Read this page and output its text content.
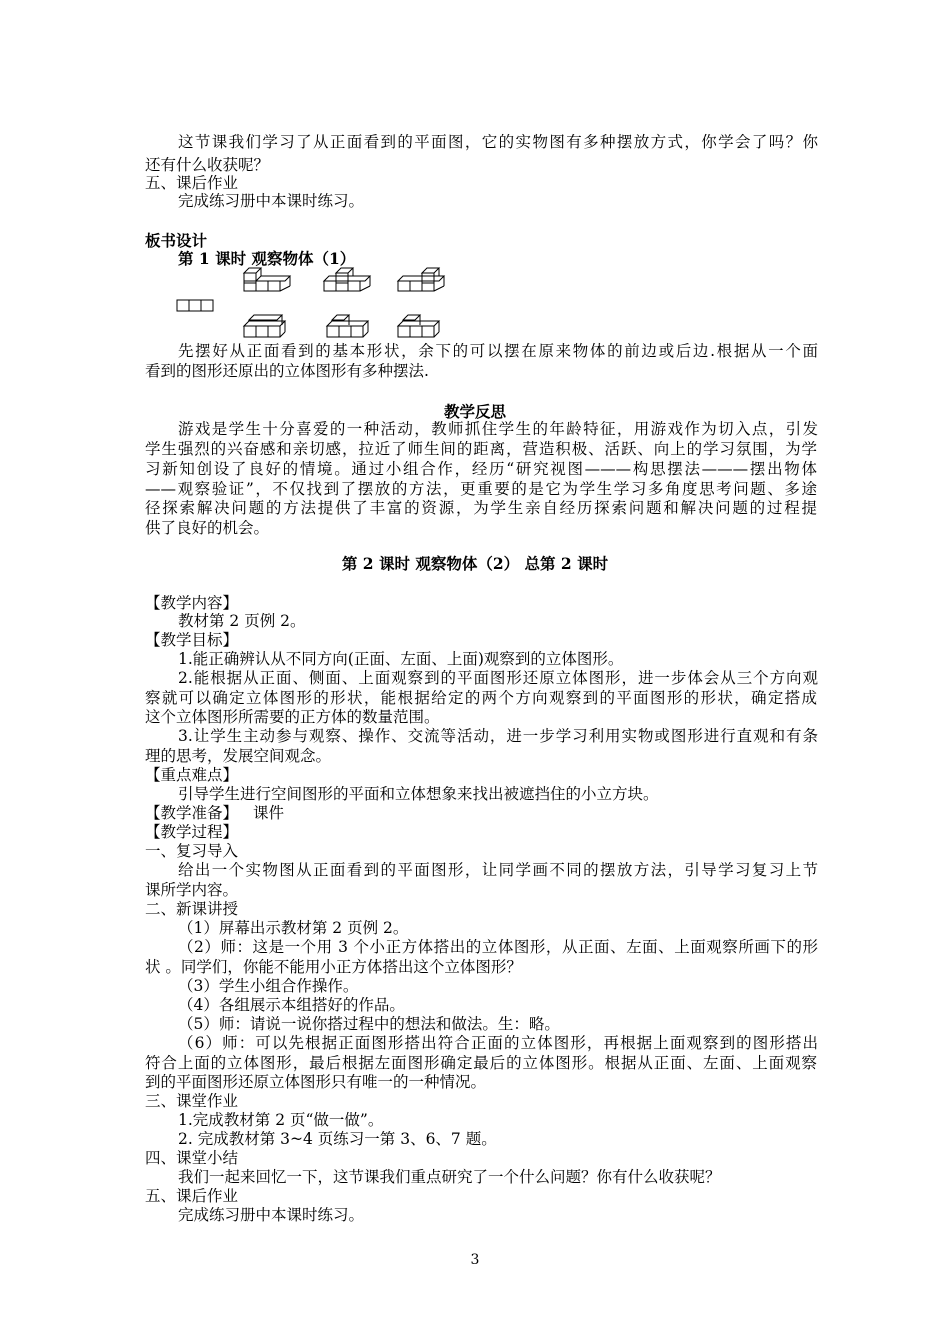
这节课我们学习了从正面看到的平面图，它的实物图有多种摆放方式，你学会了吗？你
还有什么收获呢？
五、课后作业
完成练习册中本课时练习。
板书设计
第 1 课时 观察物体（1）
先摆好从正面看到的基本形状，余下的可以摆在原来物体的前边或后边.根据从一个面
看到的图形还原出的立体图形有多种摆法.
教学反思
游戏是学生十分喜爱的一种活动，教师抓住学生的年龄特征，用游戏作为切入点，引发
学生强烈的兴奋感和亲切感，拉近了师生间的距离，营造积极、活跃、向上的学习氛围，为学
习新知创设了良好的情境。通过小组合作，经历“研究视图———构思摆法———摆出物体
——观察验证”，不仅找到了摆放的方法，更重要的是它为学生学习多角度思考问题、多途
径探索解决问题的方法提供了丰富的资源，为学生亲自经历探索问题和解决问题的过程提
供了良好的机会。
第 2 课时 观察物体（2） 总第 2 课时
【教学内容】
教材第 2 页例 2。
【教学目标】
1.能正确辨认从不同方向(正面、左面、上面)观察到的立体图形。
2.能根据从正面、侧面、上面观察到的平面图形还原立体图形，进一步体会从三个方向观
察就可以确定立体图形的形状，能根据给定的两个方向观察到的平面图形的形状，确定搭成
这个立体图形所需要的正方体的数量范围。
3.让学生主动参与观察、操作、交流等活动，进一步学习利用实物或图形进行直观和有条
理的思考，发展空间观念。
【重点难点】
引导学生进行空间图形的平面和立体想象来找出被遮挡住的小立方块。
【教学准备】 课件
【教学过程】
一、复习导入
给出一个实物图从正面看到的平面图形，让同学画不同的摆放方法，引导学习复习上节
课所学内容。
二、新课讲授
（1）屏幕出示教材第 2 页例 2。
（2）师：这是一个用 3 个小正方体搭出的立体图形，从正面、左面、上面观察所画下的形
状 。同学们，你能不能用小正方体搭出这个立体图形？
（3）学生小组合作操作。
（4）各组展示本组搭好的作品。
（5）师：请说一说你搭过程中的想法和做法。生：略。
（6）师：可以先根据正面图形搭出符合正面的立体图形，再根据上面观察到的图形搭出
符合上面的立体图形，最后根据左面图形确定最后的立体图形。根据从正面、左面、上面观察
到的平面图形还原立体图形只有唯一的一种情况。
三、课堂作业
1.完成教材第 2 页“做一做”。
2. 完成教材第 3~4 页练习一第 3、6、7 题。
四、课堂小结
我们一起来回忆一下，这节课我们重点研究了一个什么问题？你有什么收获呢？
五、课后作业
完成练习册中本课时练习。
3
